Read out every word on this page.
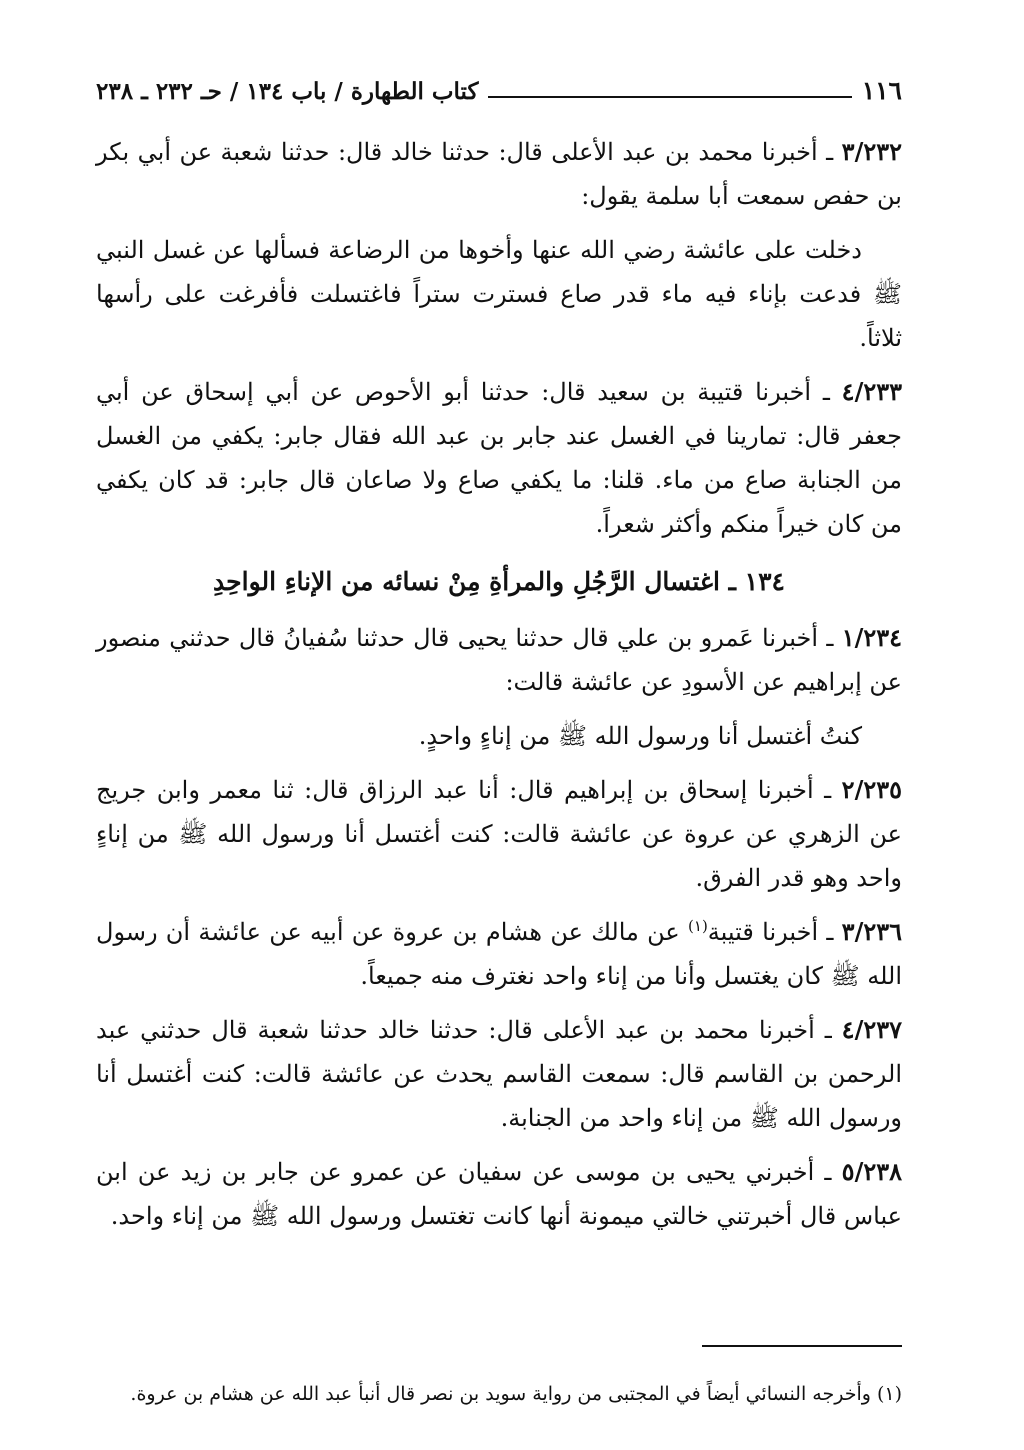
١١٦
كتاب الطهارة / باب ١٣٤ / حـ ٢٣٢ ـ ٢٣٨

٣/٢٣٢ ـ أخبرنا محمد بن عبد الأعلى قال: حدثنا خالد قال: حدثنا شعبة عن أبي بكر بن حفص سمعت أبا سلمة يقول:

دخلت على عائشة رضي الله عنها وأخوها من الرضاعة فسألها عن غسل النبي ﷺ فدعت بإناء فيه ماء قدر صاع فسترت ستراً فاغتسلت فأفرغت على رأسها ثلاثاً.

٤/٢٣٣ ـ أخبرنا قتيبة بن سعيد قال: حدثنا أبو الأحوص عن أبي إسحاق عن أبي جعفر قال: تمارينا في الغسل عند جابر بن عبد الله فقال جابر: يكفي من الغسل من الجنابة صاع من ماء. قلنا: ما يكفي صاع ولا صاعان قال جابر: قد كان يكفي من كان خيراً منكم وأكثر شعراً.

١٣٤ ـ اغتسال الرَّجُلِ والمرأةِ مِنْ نسائه من الإناءِ الواحِدِ

١/٢٣٤ ـ أخبرنا عَمرو بن علي قال حدثنا يحيى قال حدثنا سُفيانُ قال حدثني منصور عن إبراهيم عن الأسودِ عن عائشة قالت:

كنتُ أغتسل أنا ورسول الله ﷺ من إناءٍ واحدٍ.

٢/٢٣٥ ـ أخبرنا إسحاق بن إبراهيم قال: أنا عبد الرزاق قال: ثنا معمر وابن جريج عن الزهري عن عروة عن عائشة قالت: كنت أغتسل أنا ورسول الله ﷺ من إناءٍ واحد وهو قدر الفرق.

٣/٢٣٦ ـ أخبرنا قتيبة$^{(١)}$ عن مالك عن هشام بن عروة عن أبيه عن عائشة أن رسول الله ﷺ كان يغتسل وأنا من إناء واحد نغترف منه جميعاً.

٤/٢٣٧ ـ أخبرنا محمد بن عبد الأعلى قال: حدثنا خالد حدثنا شعبة قال حدثني عبد الرحمن بن القاسم قال: سمعت القاسم يحدث عن عائشة قالت: كنت أغتسل أنا ورسول الله ﷺ من إناء واحد من الجنابة.

٥/٢٣٨ ـ أخبرني يحيى بن موسى عن سفيان عن عمرو عن جابر بن زيد عن ابن عباس قال أخبرتني خالتي ميمونة أنها كانت تغتسل ورسول الله ﷺ من إناء واحد.

(١) وأخرجه النسائي أيضاً في المجتبى من رواية سويد بن نصر قال أنبأ عبد الله عن هشام بن عروة.
